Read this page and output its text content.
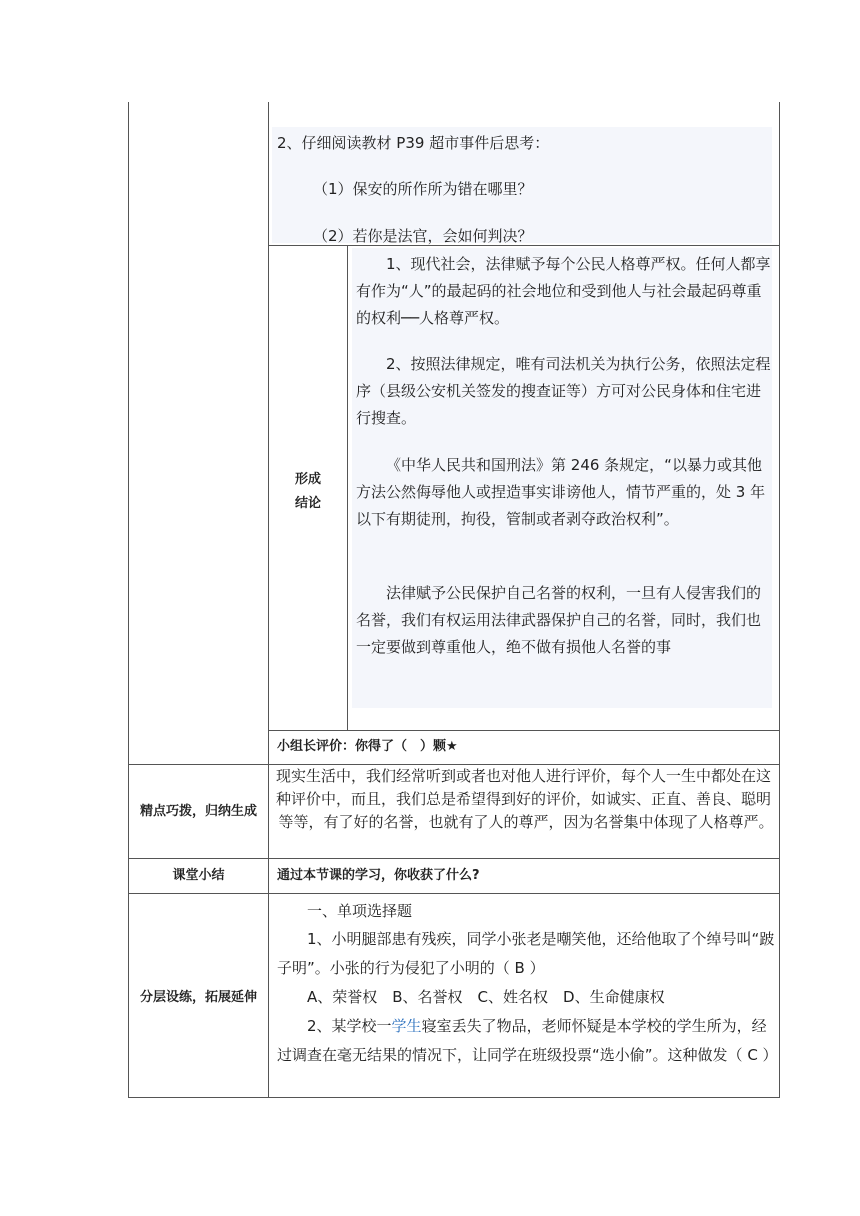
2、仔细阅读教材 P39 超市事件后思考：
（1）保安的所作所为错在哪里？
（2）若你是法官，会如何判决？
形成
结论
1、现代社会，法律赋予每个公民人格尊严权。任何人都享有作为“人”的最起码的社会地位和受到他人与社会最起码尊重的权利──人格尊严权。
2、按照法律规定，唯有司法机关为执行公务，依照法定程序（县级公安机关签发的搜查证等）方可对公民身体和住宅进行搜查。
《中华人民共和国刑法》第 246 条规定，“以暴力或其他方法公然侮辱他人或捏造事实诽谤他人，情节严重的，处 3 年以下有期徒刑，拘役，管制或者剥夺政治权利”。
法律赋予公民保护自己名誉的权利，一旦有人侵害我们的名誉，我们有权运用法律武器保护自己的名誉，同时，我们也一定要做到尊重他人，绝不做有损他人名誉的事
小组长评价：你得了（　）颗★
精点巧拨，归纳生成
现实生活中，我们经常听到或者也对他人进行评价，每个人一生中都处在这种评价中，而且，我们总是希望得到好的评价，如诚实、正直、善良、聪明等等，有了好的名誉，也就有了人的尊严，因为名誉集中体现了人格尊严。
课堂小结	通过本节课的学习，你收获了什么?
分层设练，拓展延伸
一、单项选择题
1、小明腿部患有残疾，同学小张老是嘲笑他，还给他取了个绰号叫“跛子明”。小张的行为侵犯了小明的（ B ）
A、荣誉权　B、名誉权　C、姓名权　D、生命健康权
2、某学校一学生寝室丢失了物品，老师怀疑是本学校的学生所为，经过调查在毫无结果的情况下，让同学在班级投票“选小偷”。这种做发（ C ）
